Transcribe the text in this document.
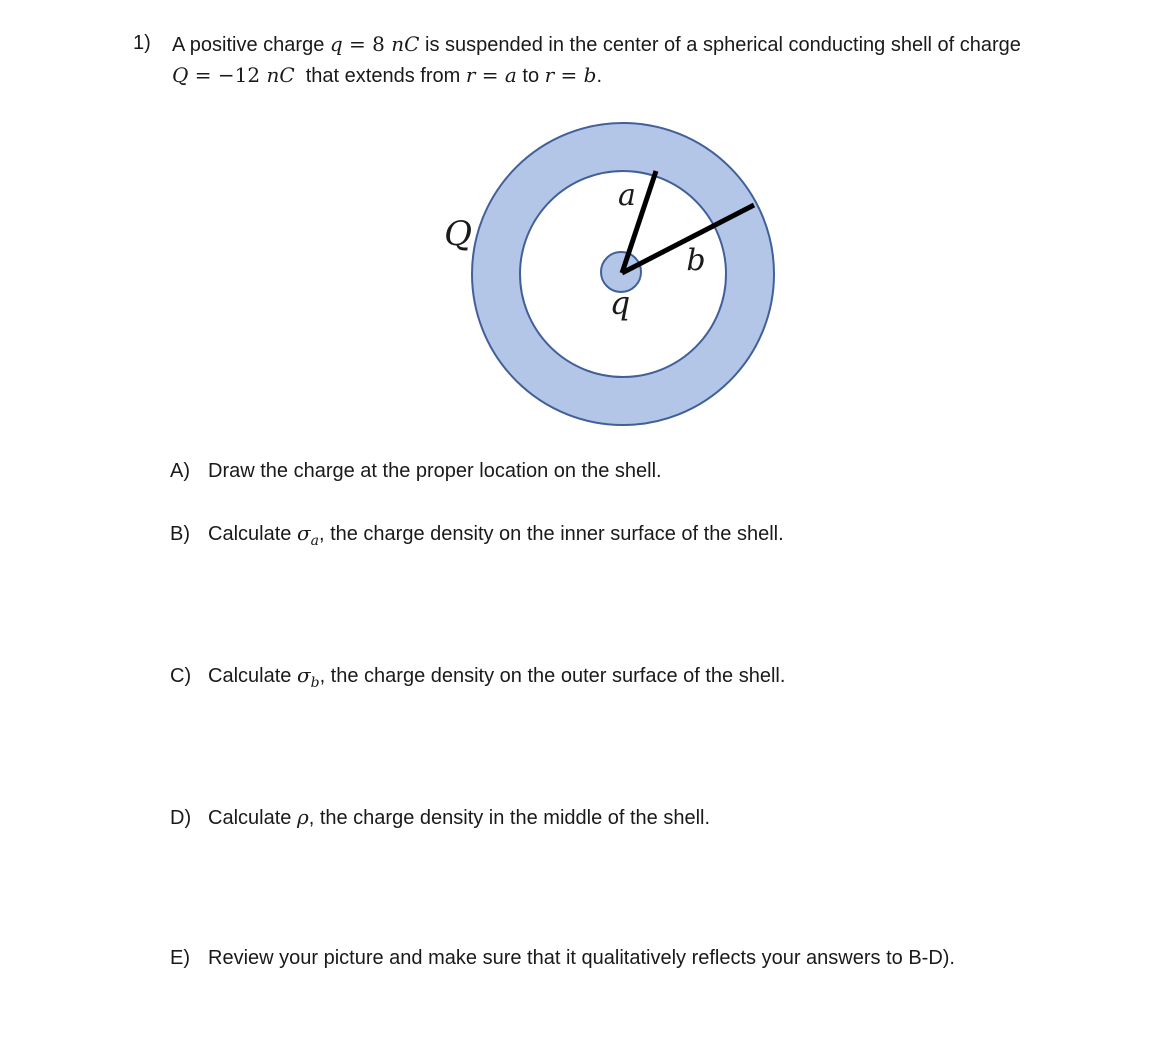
1) A positive charge q = 8 nC is suspended in the center of a spherical conducting shell of charge
Q = −12 nC  that extends from r = a to r = b.
Q
a
b
q
A) Draw the charge at the proper location on the shell.
B) Calculate $\sigma_a$, the charge density on the inner surface of the shell.
C) Calculate $\sigma_b$, the charge density on the outer surface of the shell.
D) Calculate ρ, the charge density in the middle of the shell.
E) Review your picture and make sure that it qualitatively reflects your answers to B-D).
